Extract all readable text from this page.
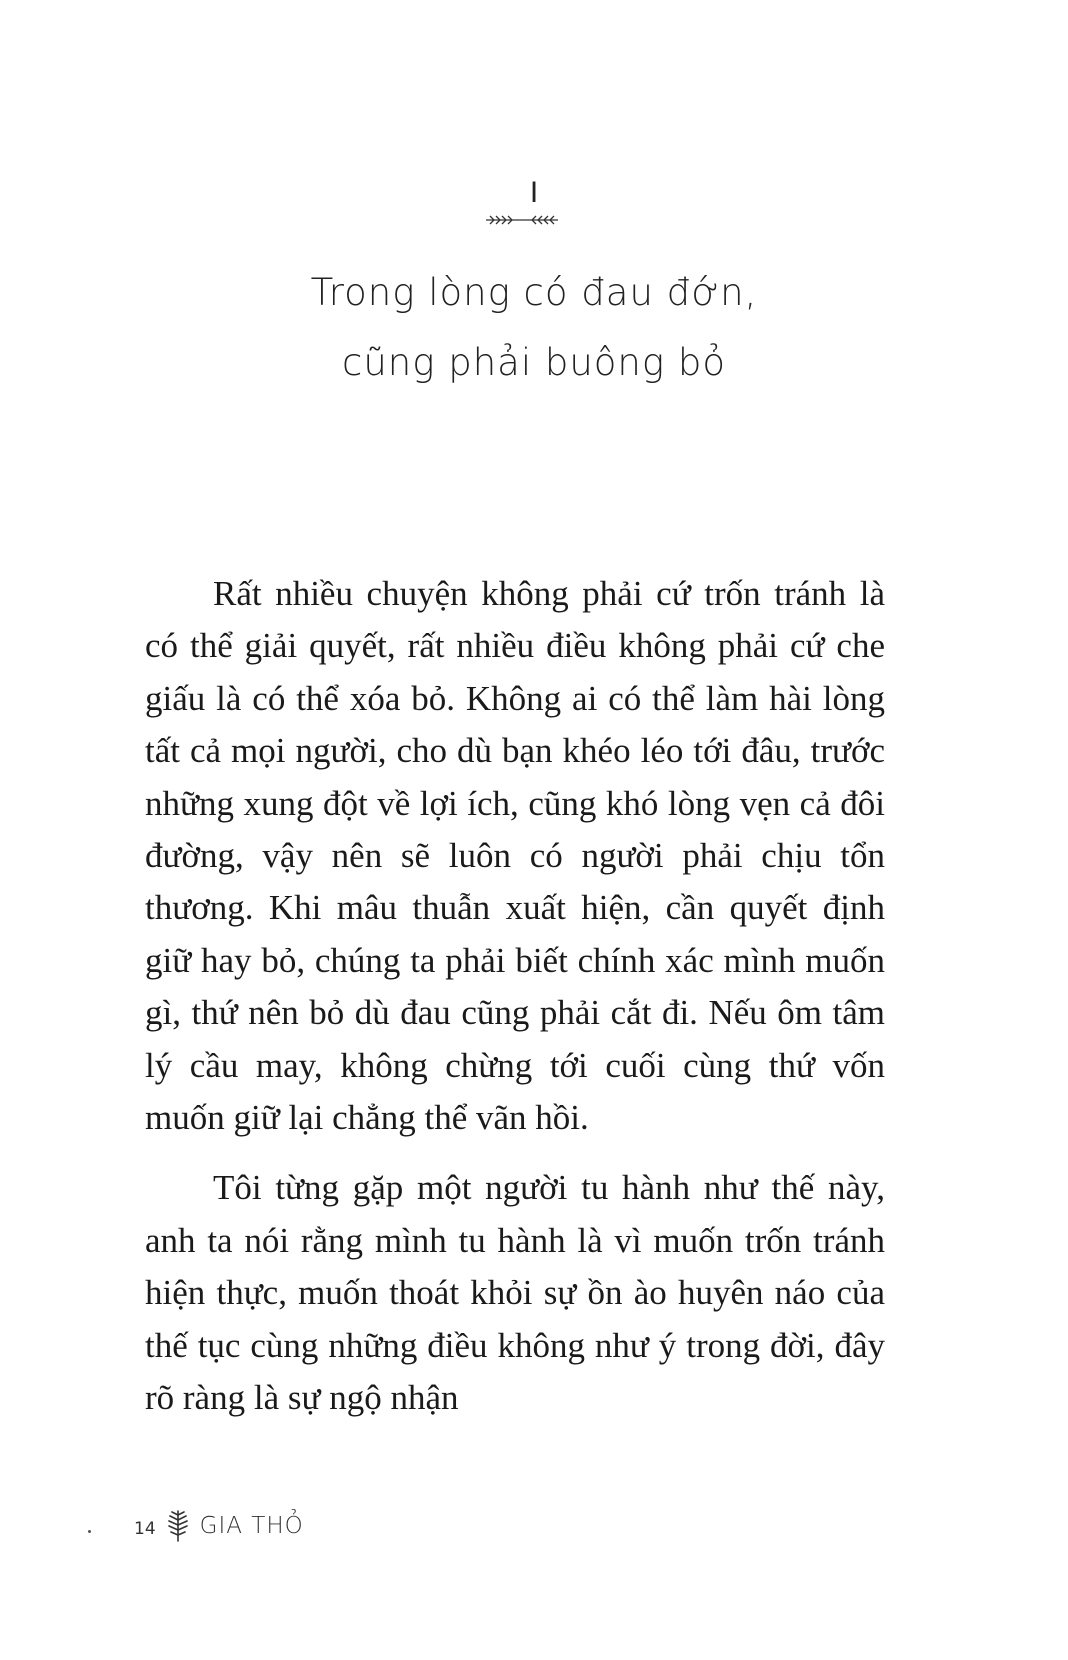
I
Trong lòng có đau đớn,
cũng phải buông bỏ

Rất nhiều chuyện không phải cứ trốn tránh là có thể giải quyết, rất nhiều điều không phải cứ che giấu là có thể xóa bỏ. Không ai có thể làm hài lòng tất cả mọi người, cho dù bạn khéo léo tới đâu, trước những xung đột về lợi ích, cũng khó lòng vẹn cả đôi đường, vậy nên sẽ luôn có người phải chịu tổn thương. Khi mâu thuẫn xuất hiện, cần quyết định giữ hay bỏ, chúng ta phải biết chính xác mình muốn gì, thứ nên bỏ dù đau cũng phải cắt đi. Nếu ôm tâm lý cầu may, không chừng tới cuối cùng thứ vốn muốn giữ lại chẳng thể vãn hồi.

Tôi từng gặp một người tu hành như thế này, anh ta nói rằng mình tu hành là vì muốn trốn tránh hiện thực, muốn thoát khỏi sự ồn ào huyên náo của thế tục cùng những điều không như ý trong đời, đây rõ ràng là sự ngộ nhận

14 GIA THỎ
